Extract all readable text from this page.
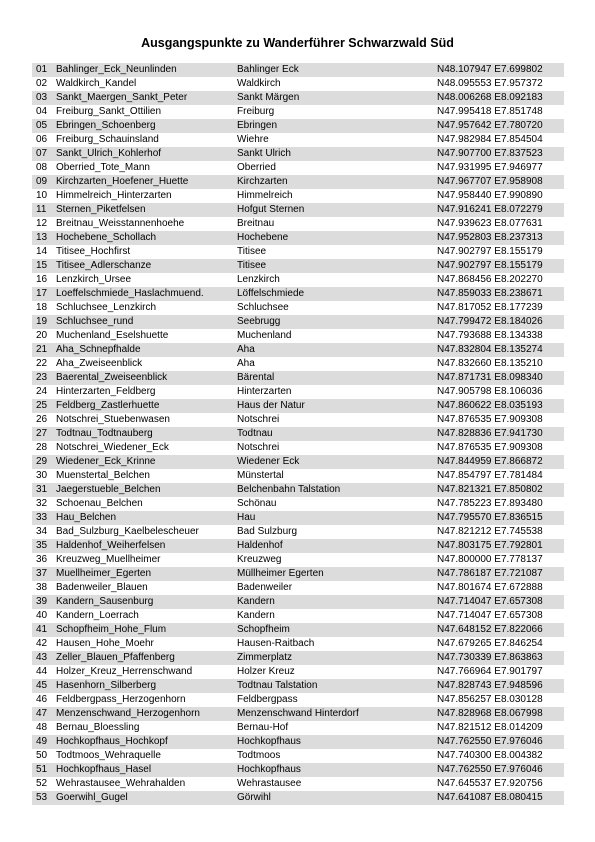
Ausgangspunkte zu Wanderführer Schwarzwald Süd
01 Bahlinger_Eck_Neunlinden	Bahlinger Eck	N48.107947 E7.699802
02 Waldkirch_Kandel	Waldkirch	N48.095553 E7.957372
03 Sankt_Maergen_Sankt_Peter	Sankt Märgen	N48.006268 E8.092183
04 Freiburg_Sankt_Ottilien	Freiburg	N47.995418 E7.851748
05 Ebringen_Schoenberg	Ebringen	N47.957642 E7.780720
06 Freiburg_Schauinsland	Wiehre	N47.982984 E7.854504
07 Sankt_Ulrich_Kohlerhof	Sankt Ulrich	N47.907700 E7.837523
08 Oberried_Tote_Mann	Oberried	N47.931995 E7.946977
09 Kirchzarten_Hoefener_Huette	Kirchzarten	N47.967707 E7.958908
10 Himmelreich_Hinterzarten	Himmelreich	N47.958440 E7.990890
11 Sternen_Piketfelsen	Hofgut Sternen	N47.916241 E8.072279
12 Breitnau_Weisstannenhoehe	Breitnau	N47.939623 E8.077631
13 Hochebene_Schollach	Hochebene	N47.952803 E8.237313
14 Titisee_Hochfirst	Titisee	N47.902797 E8.155179
15 Titisee_Adlerschanze	Titisee	N47.902797 E8.155179
16 Lenzkirch_Ursee	Lenzkirch	N47.868456 E8.202270
17 Loeffelschmiede_Haslachmuend.	Löffelschmiede	N47.859033 E8.238671
18 Schluchsee_Lenzkirch	Schluchsee	N47.817052 E8.177239
19 Schluchsee_rund	Seebrugg	N47.799472 E8.184026
20 Muchenland_Eselshuette	Muchenland	N47.793688 E8.134338
21 Aha_Schnepfhalde	Aha	N47.832804 E8.135274
22 Aha_Zweiseenblick	Aha	N47.832660 E8.135210
23 Baerental_Zweiseenblick	Bärental	N47.871731 E8.098340
24 Hinterzarten_Feldberg	Hinterzarten	N47.905798 E8.106036
25 Feldberg_Zastlerhuette	Haus der Natur	N47.860622 E8.035193
26 Notschrei_Stuebenwasen	Notschrei	N47.876535 E7.909308
27 Todtnau_Todtnauberg	Todtnau	N47.828836 E7.941730
28 Notschrei_Wiedener_Eck	Notschrei	N47.876535 E7.909308
29 Wiedener_Eck_Krinne	Wiedener Eck	N47.844959 E7.866872
30 Muenstertal_Belchen	Münstertal	N47.854797 E7.781484
31 Jaegerstueble_Belchen	Belchenbahn Talstation	N47.821321 E7.850802
32 Schoenau_Belchen	Schönau	N47.785223 E7.893480
33 Hau_Belchen	Hau	N47.795570 E7.836515
34 Bad_Sulzburg_Kaelbelescheuer	Bad Sulzburg	N47.821212 E7.745538
35 Haldenhof_Weiherfelsen	Haldenhof	N47.803175 E7.792801
36 Kreuzweg_Muellheimer	Kreuzweg	N47.800000 E7.778137
37 Muellheimer_Egerten	Müllheimer Egerten	N47.786187 E7.721087
38 Badenweiler_Blauen	Badenweiler	N47.801674 E7.672888
39 Kandern_Sausenburg	Kandern	N47.714047 E7.657308
40 Kandern_Loerrach	Kandern	N47.714047 E7.657308
41 Schopfheim_Hohe_Flum	Schopfheim	N47.648152 E7.822066
42 Hausen_Hohe_Moehr	Hausen-Raitbach	N47.679265 E7.846254
43 Zeller_Blauen_Pfaffenberg	Zimmerplatz	N47.730339 E7.863863
44 Holzer_Kreuz_Herrenschwand	Holzer Kreuz	N47.766964 E7.901797
45 Hasenhorn_Silberberg	Todtnau Talstation	N47.828743 E7.948596
46 Feldbergpass_Herzogenhorn	Feldbergpass	N47.856257 E8.030128
47 Menzenschwand_Herzogenhorn	Menzenschwand Hinterdorf	N47.828968 E8.067998
48 Bernau_Bloessling	Bernau-Hof	N47.821512 E8.014209
49 Hochkopfhaus_Hochkopf	Hochkopfhaus	N47.762550 E7.976046
50 Todtmoos_Wehraquelle	Todtmoos	N47.740300 E8.004382
51 Hochkopfhaus_Hasel	Hochkopfhaus	N47.762550 E7.976046
52 Wehrastausee_Wehrahalden	Wehrastausee	N47.645537 E7.920756
53 Goerwihl_Gugel	Görwihl	N47.641087 E8.080415
